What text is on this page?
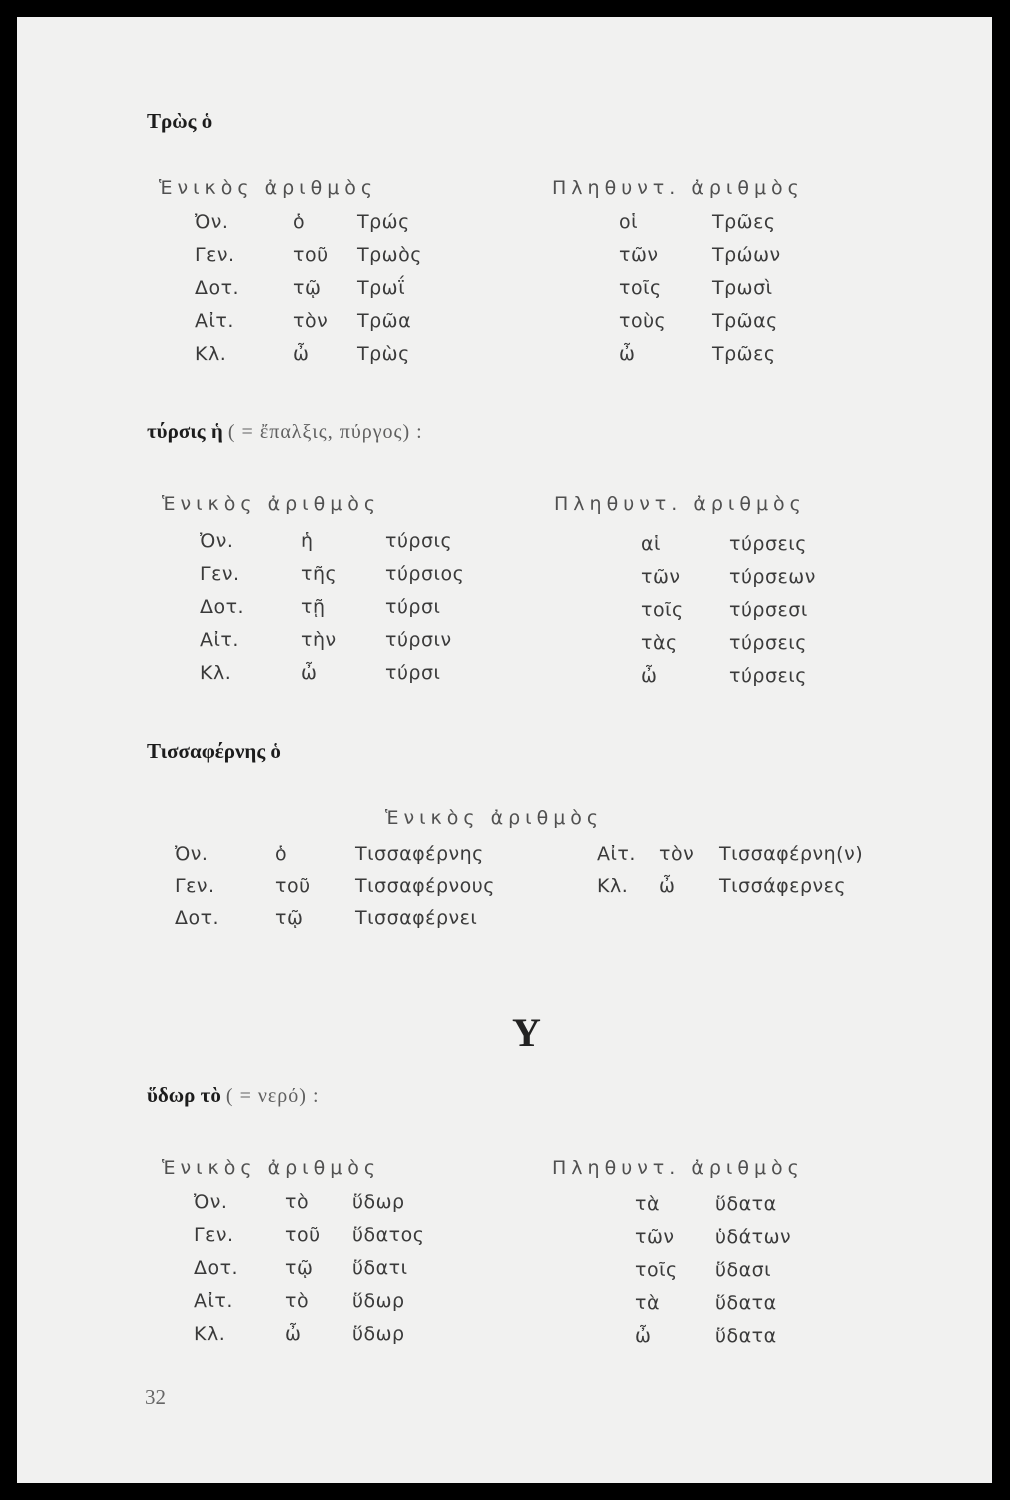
Τρὼς ὁ
Ἑνικὸς ἀριθμὸς	Πληθυντ. ἀριθμὸς
Ὀν.	ὁ	Τρώς
Γεν.	τοῦ Τρωὸς
Δοτ.	τῷ Τρωΐ
Αἰτ.	τὸν Τρῶα
Κλ.	ὦ	Τρὼς
οἱ	Τρῶες
τῶν	Τρώων
τοῖς	Τρωσὶ
τοὺς Τρῶας
ὦ	Τρῶες
τύρσις ἡ ( = ἔπαλξις, πύργος) :
Ἑνικὸς ἀριθμὸς	Πληθυντ. ἀριθμὸς
Ὀν.	ἡ	τύρσις
Γεν.	τῆς	τύρσιος
Δοτ.	τῇ	τύρσι
Αἰτ.	τὴν	τύρσιν
Κλ.	ὦ	τύρσι
αἱ	τύρσεις
τῶν	τύρσεων
τοῖς τύρσεσι
τὰς	τύρσεις
ὦ	τύρσεις
Τισσαφέρνης ὁ
Ἑνικὸς ἀριθμὸς
Ὀν.	ὁ	Τισσαφέρνης
Γεν.	τοῦ Τισσαφέρνους
Δοτ.	τῷ	Τισσαφέρνει
Αἰτ. τὸν Τισσαφέρνη(ν)
Κλ. ὦ Τισσάφερνες
Υ
ὕδωρ τὸ ( = νερό) :
Ἑνικὸς ἀριθμὸς	Πληθυντ. ἀριθμὸς
Ὀν.	τὸ ὕδωρ
Γεν.	τοῦ ὕδατος
Δοτ. τῷ ὕδατι
Αἰτ.	τὸ ὕδωρ
Κλ.	ὦ	ὕδωρ
τὰ	ὕδατα
τῶν ὑδάτων
τοῖς ὕδασι
τὰ	ὕδατα
ὦ	ὕδατα
32
